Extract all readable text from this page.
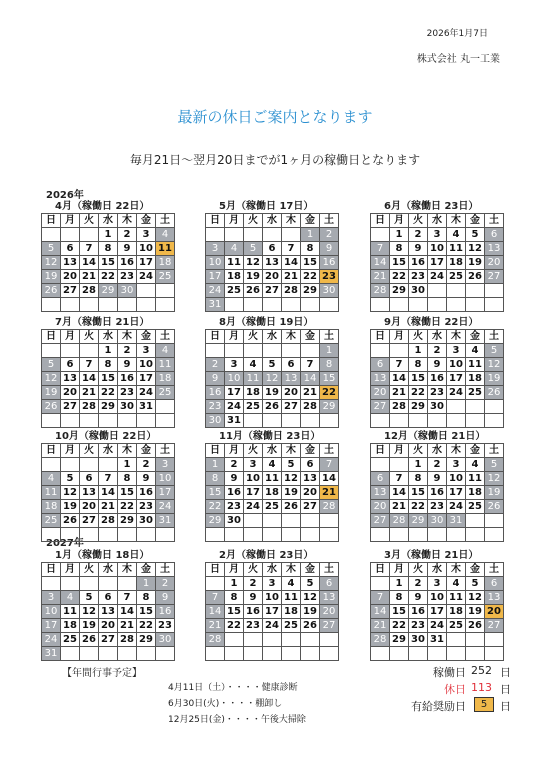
2026年1月7日
株式会社 丸一工業
最新の休日ご案内となります
毎月21日～翌月20日までが1ヶ月の稼働日となります
2026年
2027年
4月（稼働日 22日）
日	月	火	水	木	金	土
			1	2	3	4
5	6	7	8	9	10	11
12	13	14	15	16	17	18
19	20	21	22	23	24	25
26	27	28	29	30		

5月（稼働日 17日）
日	月	火	水	木	金	土
					1	2
3	4	5	6	7	8	9
10	11	12	13	14	15	16
17	18	19	20	21	22	23
24	25	26	27	28	29	30
31						
6月（稼働日 23日）
日	月	火	水	木	金	土
	1	2	3	4	5	6
7	8	9	10	11	12	13
14	15	16	17	18	19	20
21	22	23	24	25	26	27
28	29	30				

7月（稼働日 21日）
日	月	火	水	木	金	土
			1	2	3	4
5	6	7	8	9	10	11
12	13	14	15	16	17	18
19	20	21	22	23	24	25
26	27	28	29	30	31	

8月（稼働日 19日）
日	月	火	水	木	金	土
						1
2	3	4	5	6	7	8
9	10	11	12	13	14	15
16	17	18	19	20	21	22
23	24	25	26	27	28	29
30	31					
9月（稼働日 22日）
日	月	火	水	木	金	土
		1	2	3	4	5
6	7	8	9	10	11	12
13	14	15	16	17	18	19
20	21	22	23	24	25	26
27	28	29	30			

10月（稼働日 22日）
日	月	火	水	木	金	土
				1	2	3
4	5	6	7	8	9	10
11	12	13	14	15	16	17
18	19	20	21	22	23	24
25	26	27	28	29	30	31

11月（稼働日 23日）
日	月	火	水	木	金	土
1	2	3	4	5	6	7
8	9	10	11	12	13	14
15	16	17	18	19	20	21
22	23	24	25	26	27	28
29	30					

12月（稼働日 21日）
日	月	火	水	木	金	土
		1	2	3	4	5
6	7	8	9	10	11	12
13	14	15	16	17	18	19
20	21	22	23	24	25	26
27	28	29	30	31		

1月（稼働日 18日）
日	月	火	水	木	金	土
					1	2
3	4	5	6	7	8	9
10	11	12	13	14	15	16
17	18	19	20	21	22	23
24	25	26	27	28	29	30
31						
2月（稼働日 23日）
日	月	火	水	木	金	土
	1	2	3	4	5	6
7	8	9	10	11	12	13
14	15	16	17	18	19	20
21	22	23	24	25	26	27
28						

3月（稼働日 21日）
日	月	火	水	木	金	土
	1	2	3	4	5	6
7	8	9	10	11	12	13
14	15	16	17	18	19	20
21	22	23	24	25	26	27
28	29	30	31			

【年間行事予定】
4月11日（土）・・・・健康診断
6月30日(火)・・・・棚卸し
12月25日(金)・・・・午後大掃除
稼働日 252 日
休日 113 日
有給奨励日	5	日
